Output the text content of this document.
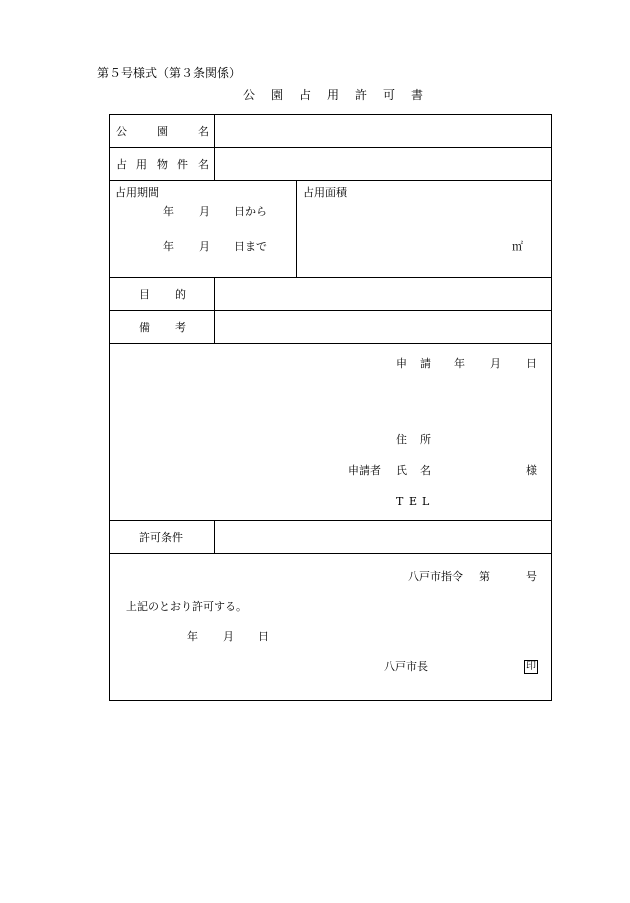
第５号様式（第３条関係）
公 園 占 用 許 可 書
公	園	名
占 用 物 件 名
占用期間
年 月 日から
年 月 日まで
占用面積
㎡
目 的
備 考
申 請 年 月 日
住 所
申請者 氏 名	様
T E L
許可条件
八戸市指令 第	号
上記のとおり許可する。
年 月 日
八戸市長	印
